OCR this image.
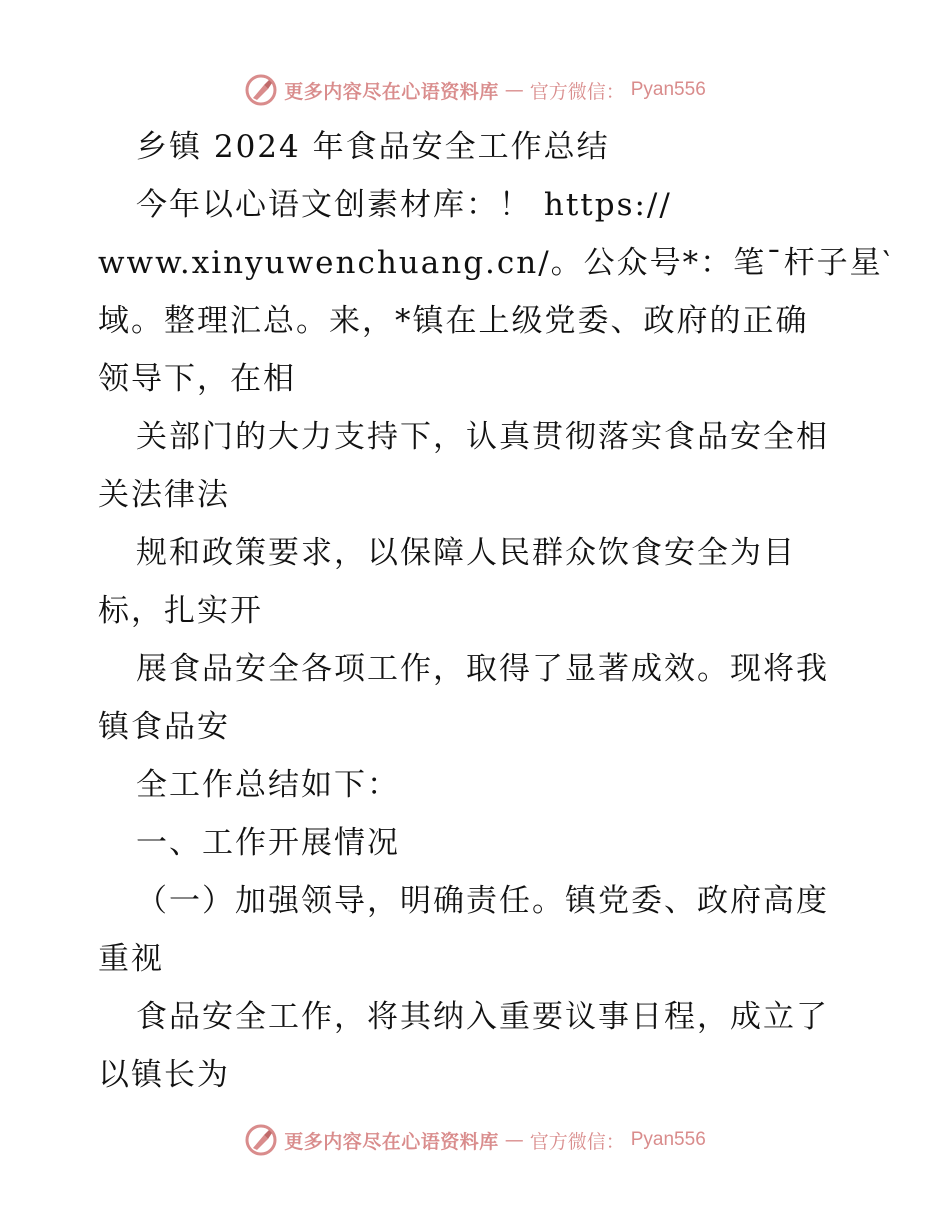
更多内容尽在心语资料库 — 官方微信： Pyan556
乡镇 2024 年食品安全工作总结
今年以心语文创素材库：！ https://
www.xinyuwenchuang.cn/。公众号*：笔¯杆子星‵
域。整理汇总。来，*镇在上级党委、政府的正确
领导下，在相
关部门的大力支持下，认真贯彻落实食品安全相
关法律法
规和政策要求，以保障人民群众饮食安全为目
标，扎实开
展食品安全各项工作，取得了显著成效。现将我
镇食品安
全工作总结如下：
一、工作开展情况
（一）加强领导，明确责任。镇党委、政府高度
重视
食品安全工作，将其纳入重要议事日程，成立了
以镇长为
更多内容尽在心语资料库 — 官方微信： Pyan556
